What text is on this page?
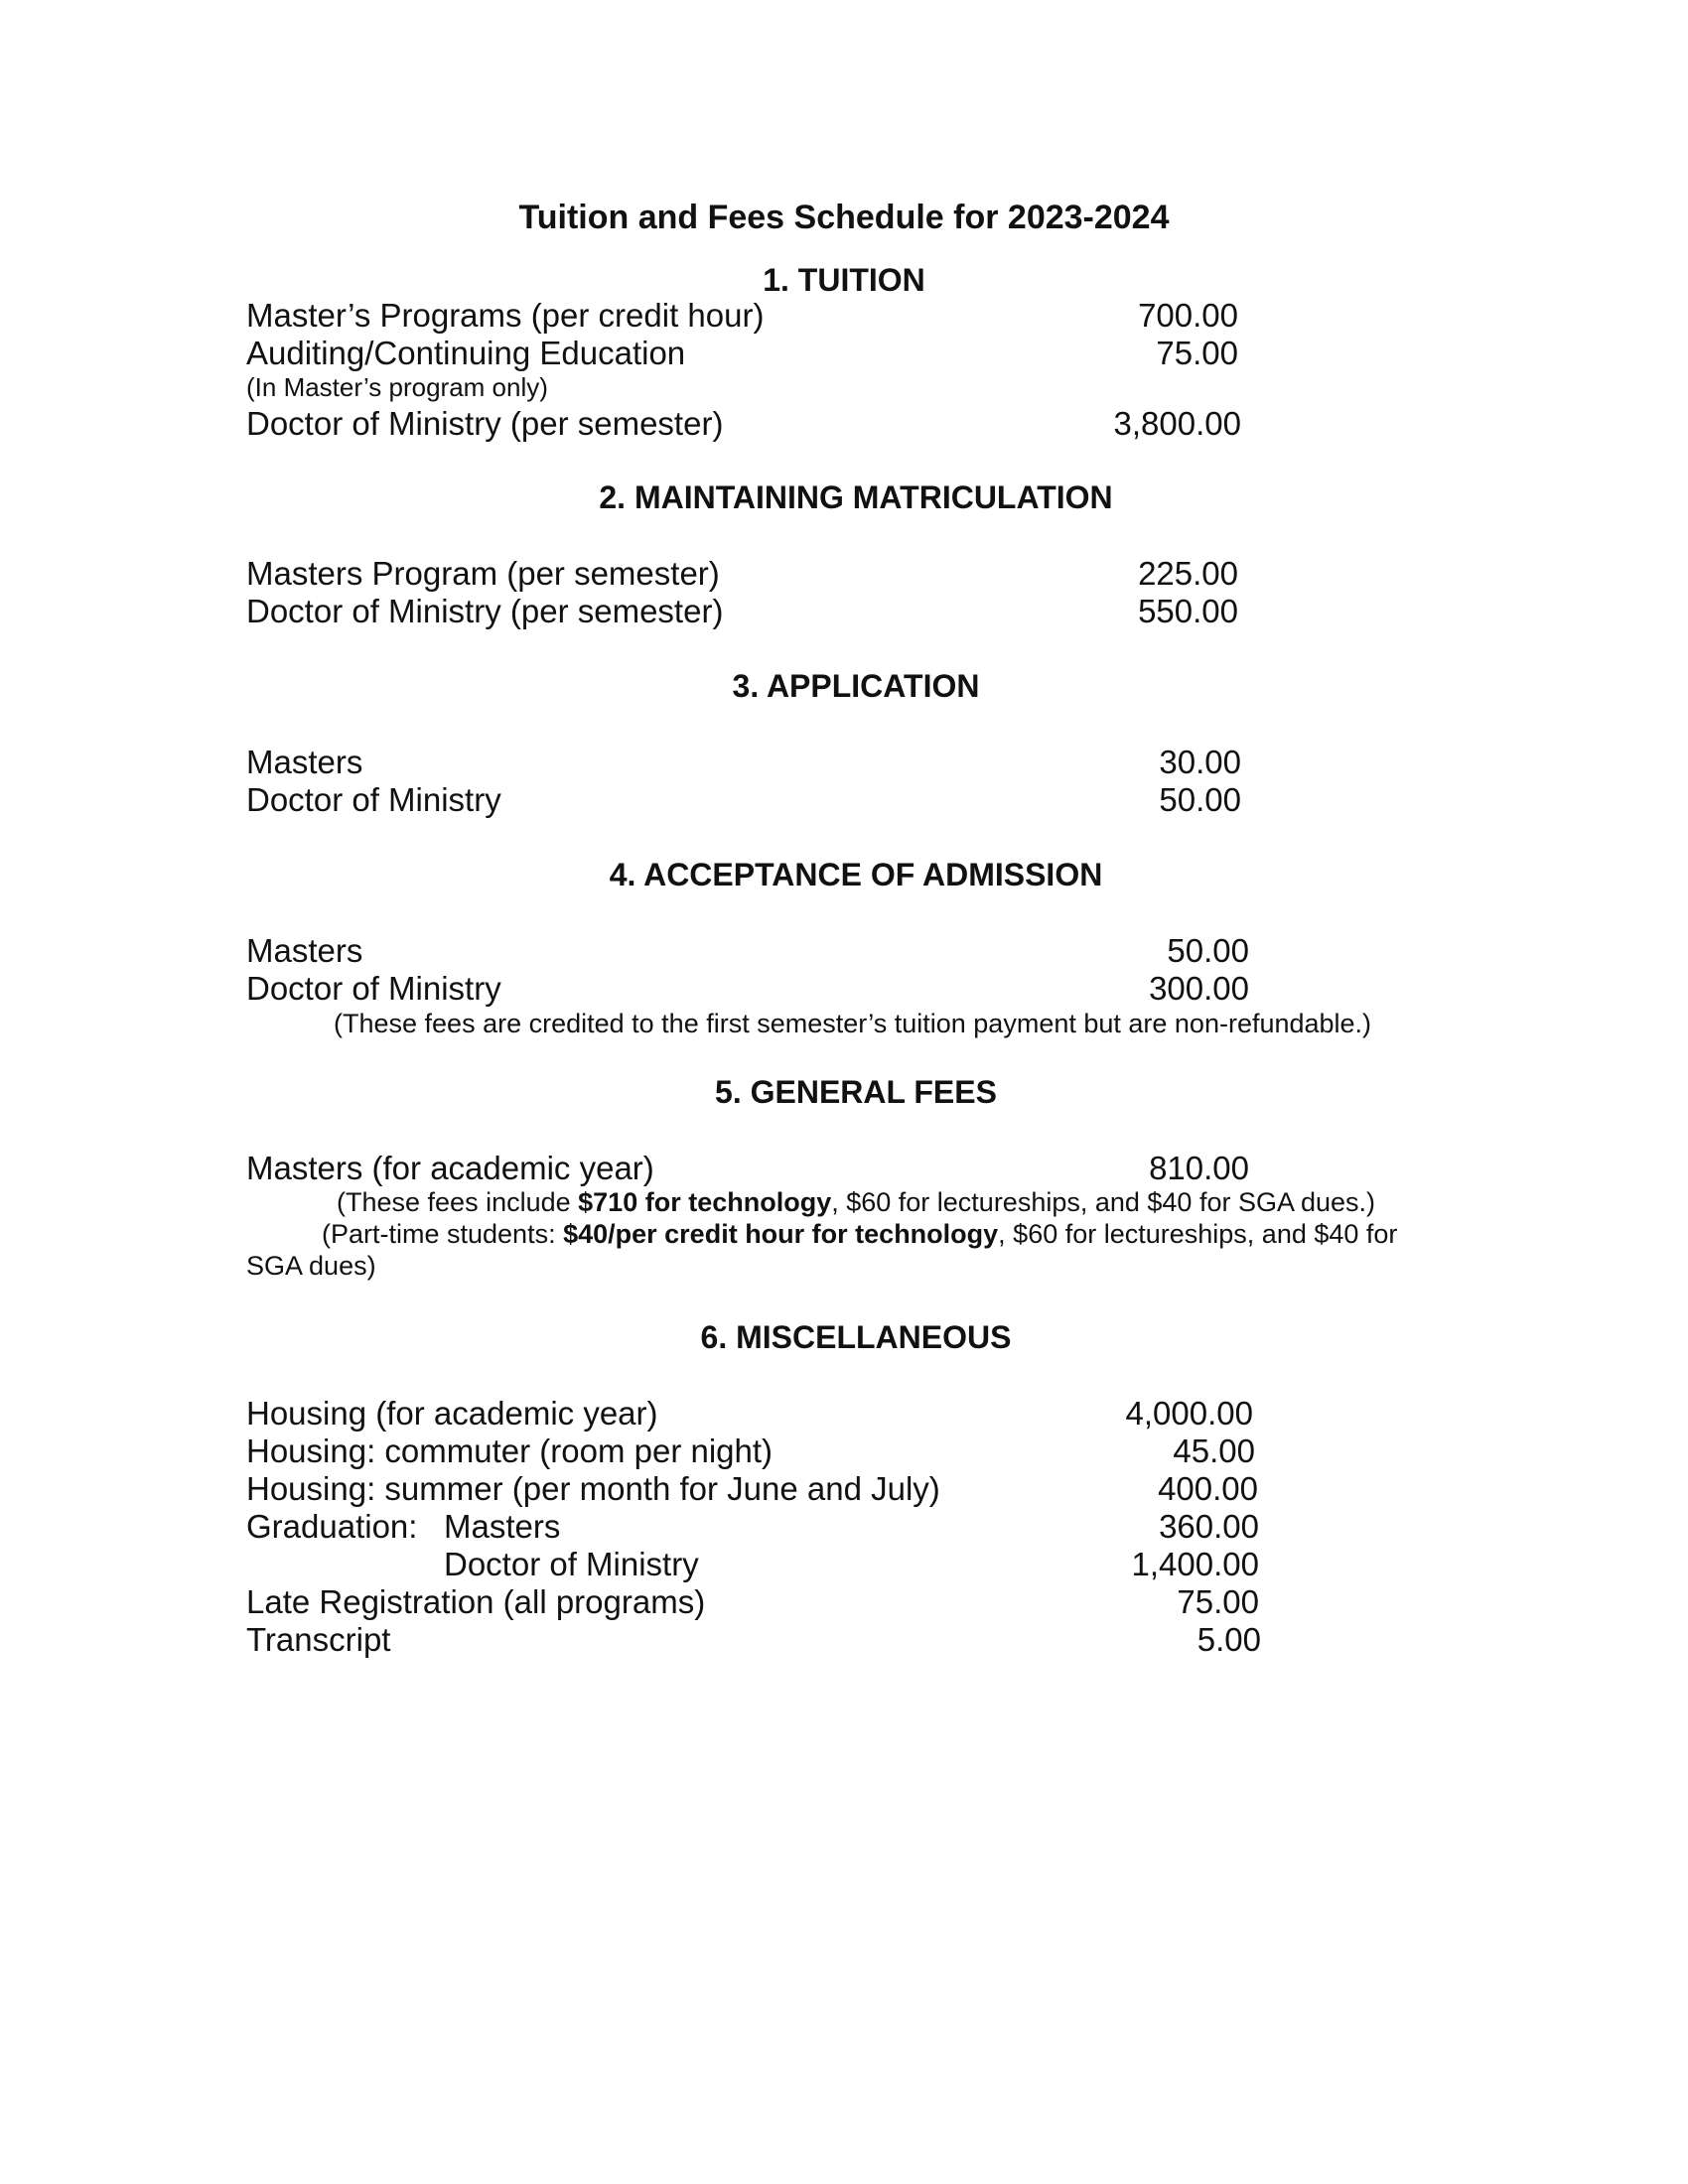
Tuition and Fees Schedule for 2023-2024
1. TUITION
Master’s Programs (per credit hour)	700.00
Auditing/Continuing Education	75.00
(In Master’s program only)
Doctor of Ministry (per semester)	3,800.00
2. MAINTAINING MATRICULATION
Masters Program (per semester)	225.00
Doctor of Ministry (per semester)	550.00
3. APPLICATION
Masters	30.00
Doctor of Ministry	50.00
4. ACCEPTANCE OF ADMISSION
Masters	50.00
Doctor of Ministry	300.00
(These fees are credited to the first semester’s tuition payment but are non-refundable.)
5. GENERAL FEES
Masters (for academic year)	810.00
(These fees include $710 for technology, $60 for lectureships, and $40 for SGA dues.)
(Part-time students: $40/per credit hour for technology, $60 for lectureships, and $40 for
SGA dues)
6. MISCELLANEOUS
Housing (for academic year)	4,000.00
Housing: commuter (room per night)	45.00
Housing: summer (per month for June and July)	400.00
Graduation: Masters	360.00
Doctor of Ministry	1,400.00
Late Registration (all programs)	75.00
Transcript	5.00
